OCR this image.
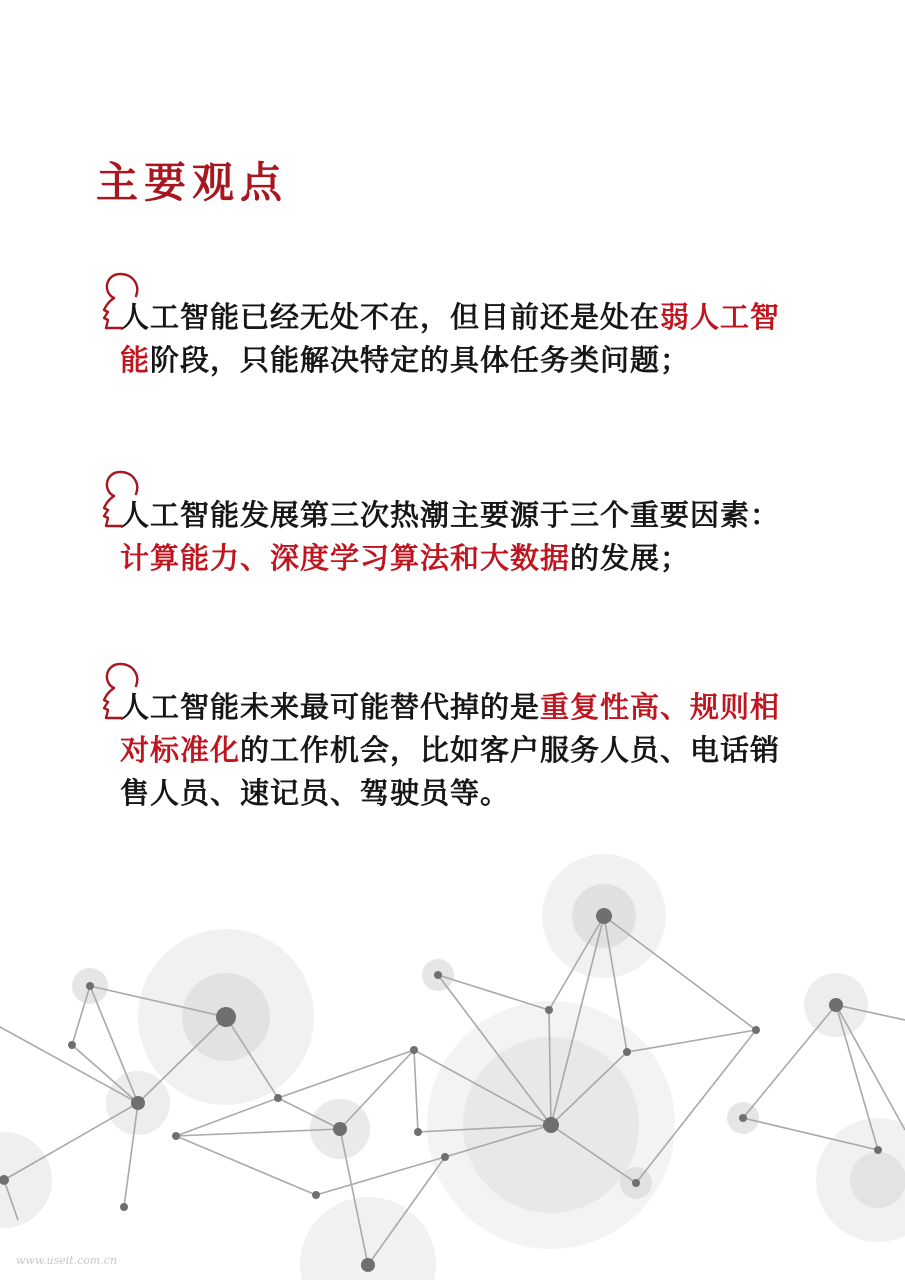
主要观点
人工智能已经无处不在，但目前还是处在弱人工智
能阶段，只能解决特定的具体任务类问题；
人工智能发展第三次热潮主要源于三个重要因素：
计算能力、深度学习算法和大数据的发展；
人工智能未来最可能替代掉的是重复性高、规则相
对标准化的工作机会，比如客户服务人员、电话销
售人员、速记员、驾驶员等。
www.useit.com.cn
